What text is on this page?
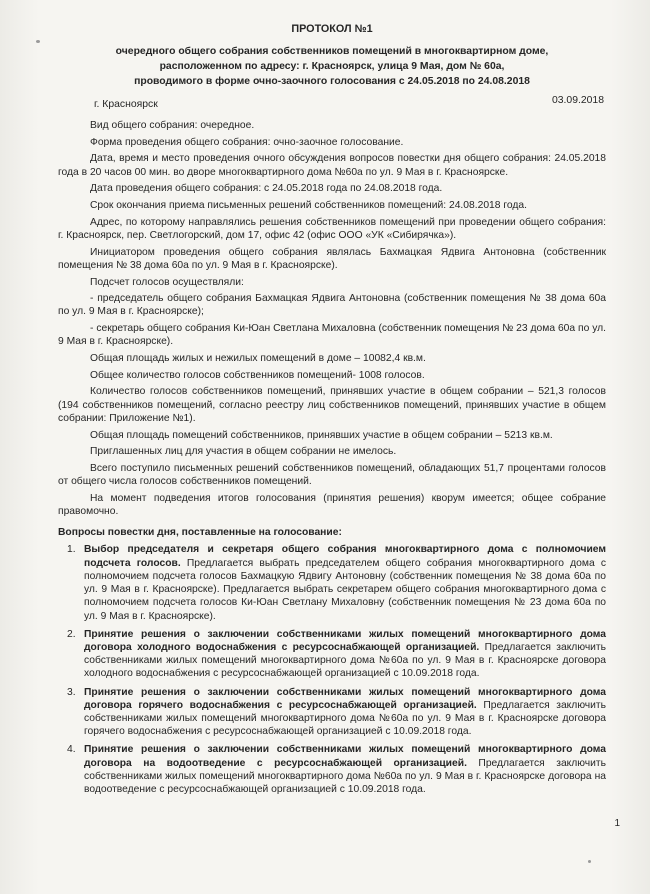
ПРОТОКОЛ №1
очередного общего собрания собственников помещений в многоквартирном доме,
расположенном по адресу: г. Красноярск, улица 9 Мая, дом № 60а,
проводимого в форме очно-заочного голосования с 24.05.2018 по 24.08.2018
г. Красноярск	03.09.2018

Вид общего собрания: очередное.

Форма проведения общего собрания: очно-заочное голосование.

Дата, время и место проведения очного обсуждения вопросов повестки дня общего собрания: 24.05.2018 года в 20 часов 00 мин. во дворе многоквартирного дома №60а по ул. 9 Мая в г. Красноярске.

Дата проведения общего собрания: с 24.05.2018 года по 24.08.2018 года.

Срок окончания приема письменных решений собственников помещений: 24.08.2018 года.

Адрес, по которому направлялись решения собственников помещений при проведении общего собрания: г. Красноярск, пер. Светлогорский, дом 17, офис 42 (офис ООО «УК «Сибирячка»).

Инициатором проведения общего собрания являлась Бахмацкая Ядвига Антоновна (собственник помещения № 38 дома 60а по ул. 9 Мая в г. Красноярске).

Подсчет голосов осуществляли:

- председатель общего собрания Бахмацкая Ядвига Антоновна (собственник помещения № 38 дома 60а по ул. 9 Мая в г. Красноярске);

- секретарь общего собрания Ки-Юан Светлана Михаловна (собственник помещения № 23 дома 60а по ул. 9 Мая в г. Красноярске).

Общая площадь жилых и нежилых помещений в доме – 10082,4 кв.м.

Общее количество голосов собственников помещений- 1008 голосов.

Количество голосов собственников помещений, принявших участие в общем собрании – 521,3 голосов (194 собственников помещений, согласно реестру лиц собственников помещений, принявших участие в общем собрании: Приложение №1).

Общая площадь помещений собственников, принявших участие в общем собрании – 5213 кв.м.

Приглашенных лиц для участия в общем собрании не имелось.

Всего поступило письменных решений собственников помещений, обладающих 51,7 процентами голосов от общего числа голосов собственников помещений.

На момент подведения итогов голосования (принятия решения) кворум имеется; общее собрание правомочно.

Вопросы повестки дня, поставленные на голосование:

1. Выбор председателя и секретаря общего собрания многоквартирного дома с полномочием подсчета голосов. Предлагается выбрать председателем общего собрания многоквартирного дома с полномочием подсчета голосов Бахмацкую Ядвигу Антоновну (собственник помещения № 38 дома 60а по ул. 9 Мая в г. Красноярске). Предлагается выбрать секретарем общего собрания многоквартирного дома с полномочием подсчета голосов Ки-Юан Светлану Михаловну (собственник помещения № 23 дома 60а по ул. 9 Мая в г. Красноярске).
2. Принятие решения о заключении собственниками жилых помещений многоквартирного дома договора холодного водоснабжения с ресурсоснабжающей организацией. Предлагается заключить собственниками жилых помещений многоквартирного дома №60а по ул. 9 Мая в г. Красноярске договора холодного водоснабжения с ресурсоснабжающей организацией с 10.09.2018 года.
3. Принятие решения о заключении собственниками жилых помещений многоквартирного дома договора горячего водоснабжения с ресурсоснабжающей организацией. Предлагается заключить собственниками жилых помещений многоквартирного дома №60а по ул. 9 Мая в г. Красноярске договора горячего водоснабжения с ресурсоснабжающей организацией с 10.09.2018 года.
4. Принятие решения о заключении собственниками жилых помещений многоквартирного дома договора на водоотведение с ресурсоснабжающей организацией. Предлагается заключить собственниками жилых помещений многоквартирного дома №60а по ул. 9 Мая в г. Красноярске договора на водоотведение с ресурсоснабжающей организацией с 10.09.2018 года.
1
